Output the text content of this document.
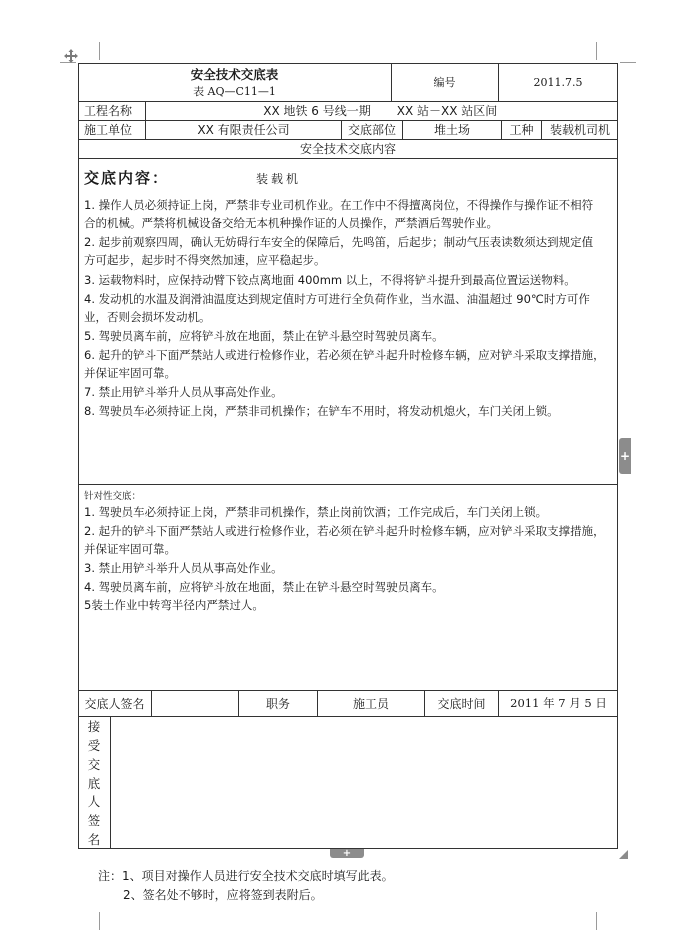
安全技术交底表
表 AQ—C11—1
编号	2011.7.5
工程名称	XX 地铁 6 号线一期	XX 站－XX 站区间
施工单位	XX 有限责任公司	交底部位	堆土场	工种	装载机司机
安全技术交底内容
交底内容：	装载机
1. 操作人员必须持证上岗，严禁非专业司机作业。在工作中不得擅离岗位，不得操作与操作证不相符
合的机械。严禁将机械设备交给无本机种操作证的人员操作，严禁酒后驾驶作业。
2. 起步前观察四周，确认无妨碍行车安全的保障后，先鸣笛，后起步；制动气压表读数须达到规定值
方可起步，起步时不得突然加速，应平稳起步。
3. 运载物料时，应保持动臂下铰点离地面 400mm 以上，不得将铲斗提升到最高位置运送物料。
4. 发动机的水温及润滑油温度达到规定值时方可进行全负荷作业，当水温、油温超过 90℃时方可作
业，否则会损坏发动机。
5. 驾驶员离车前，应将铲斗放在地面，禁止在铲斗悬空时驾驶员离车。
6. 起升的铲斗下面严禁站人或进行检修作业，若必须在铲斗起升时检修车辆，应对铲斗采取支撑措施，
并保证牢固可靠。
7. 禁止用铲斗举升人员从事高处作业。
8. 驾驶员车必须持证上岗，严禁非司机操作；在铲车不用时，将发动机熄火，车门关闭上锁。
针对性交底：
1. 驾驶员车必须持证上岗，严禁非司机操作，禁止岗前饮酒；工作完成后，车门关闭上锁。
2. 起升的铲斗下面严禁站人或进行检修作业，若必须在铲斗起升时检修车辆，应对铲斗采取支撑措施，
并保证牢固可靠。
3. 禁止用铲斗举升人员从事高处作业。
4. 驾驶员离车前，应将铲斗放在地面，禁止在铲斗悬空时驾驶员离车。
5装土作业中转弯半径内严禁过人。
交底人签名	职务	施工员	交底时间	2011 年 7 月 5 日
接
受
交
底
人
签
名
注：1、项目对操作人员进行安全技术交底时填写此表。
2、签名处不够时，应将签到表附后。
+
+
